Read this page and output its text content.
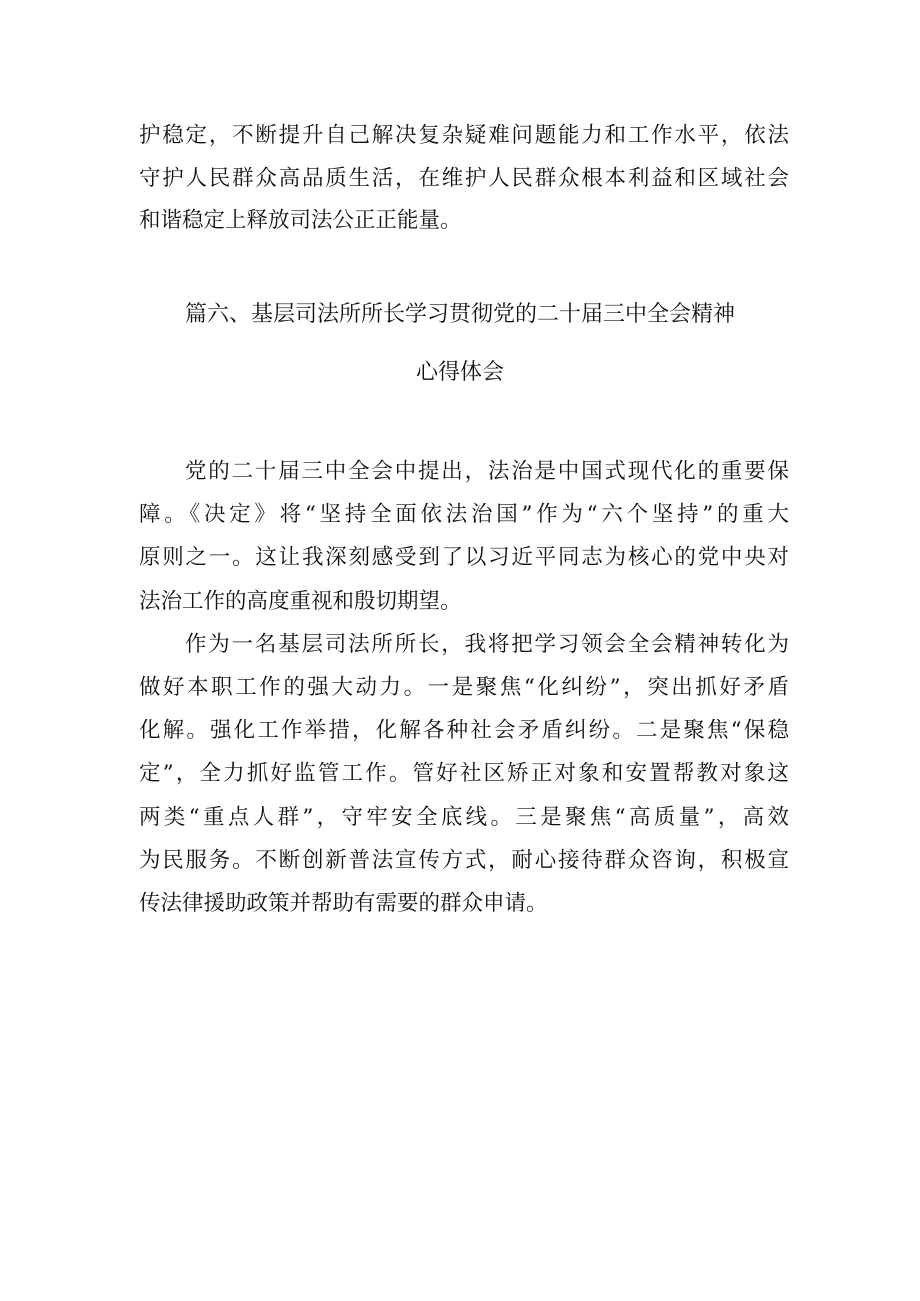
护稳定，不断提升自己解决复杂疑难问题能力和工作水平，依法
守护人民群众高品质生活，在维护人民群众根本利益和区域社会
和谐稳定上释放司法公正正能量。
篇六、基层司法所所长学习贯彻党的二十届三中全会精神
心得体会
党的二十届三中全会中提出，法治是中国式现代化的重要保
障。《决定》将“坚持全面依法治国”作为“六个坚持”的重大
原则之一。这让我深刻感受到了以习近平同志为核心的党中央对
法治工作的高度重视和殷切期望。
作为一名基层司法所所长，我将把学习领会全会精神转化为
做好本职工作的强大动力。一是聚焦“化纠纷”，突出抓好矛盾
化解。强化工作举措，化解各种社会矛盾纠纷。二是聚焦“保稳
定”，全力抓好监管工作。管好社区矫正对象和安置帮教对象这
两类“重点人群”，守牢安全底线。三是聚焦“高质量”，高效
为民服务。不断创新普法宣传方式，耐心接待群众咨询，积极宣
传法律援助政策并帮助有需要的群众申请。
